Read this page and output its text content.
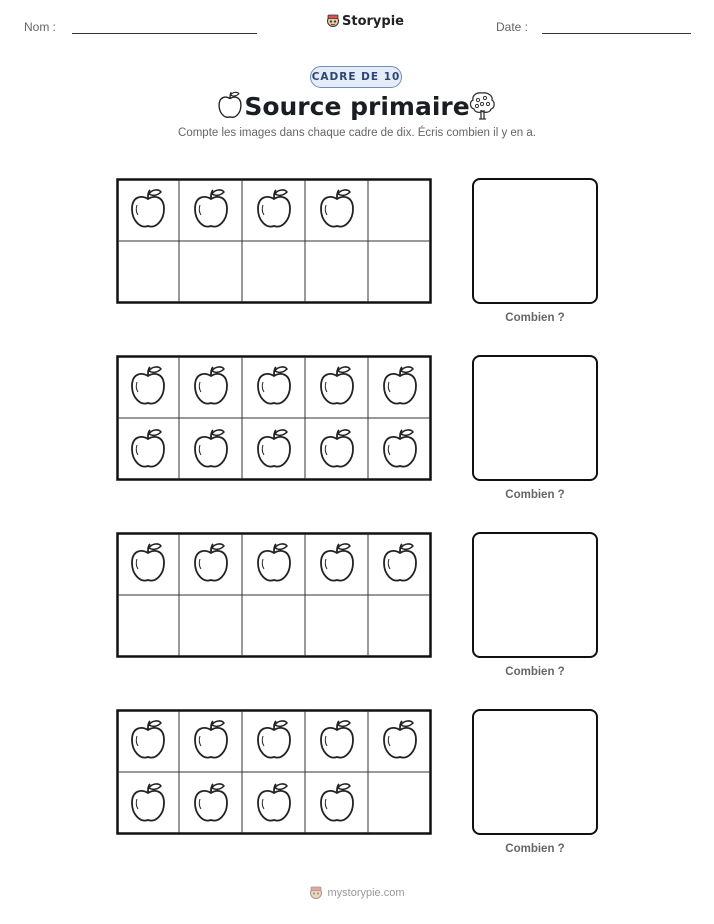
Nom :	Storypie	Date :
CADRE DE 10
Source primaire
Compte les images dans chaque cadre de dix. Écris combien il y en a.
Combien ?
Combien ?
Combien ?
Combien ?
mystorypie.com
